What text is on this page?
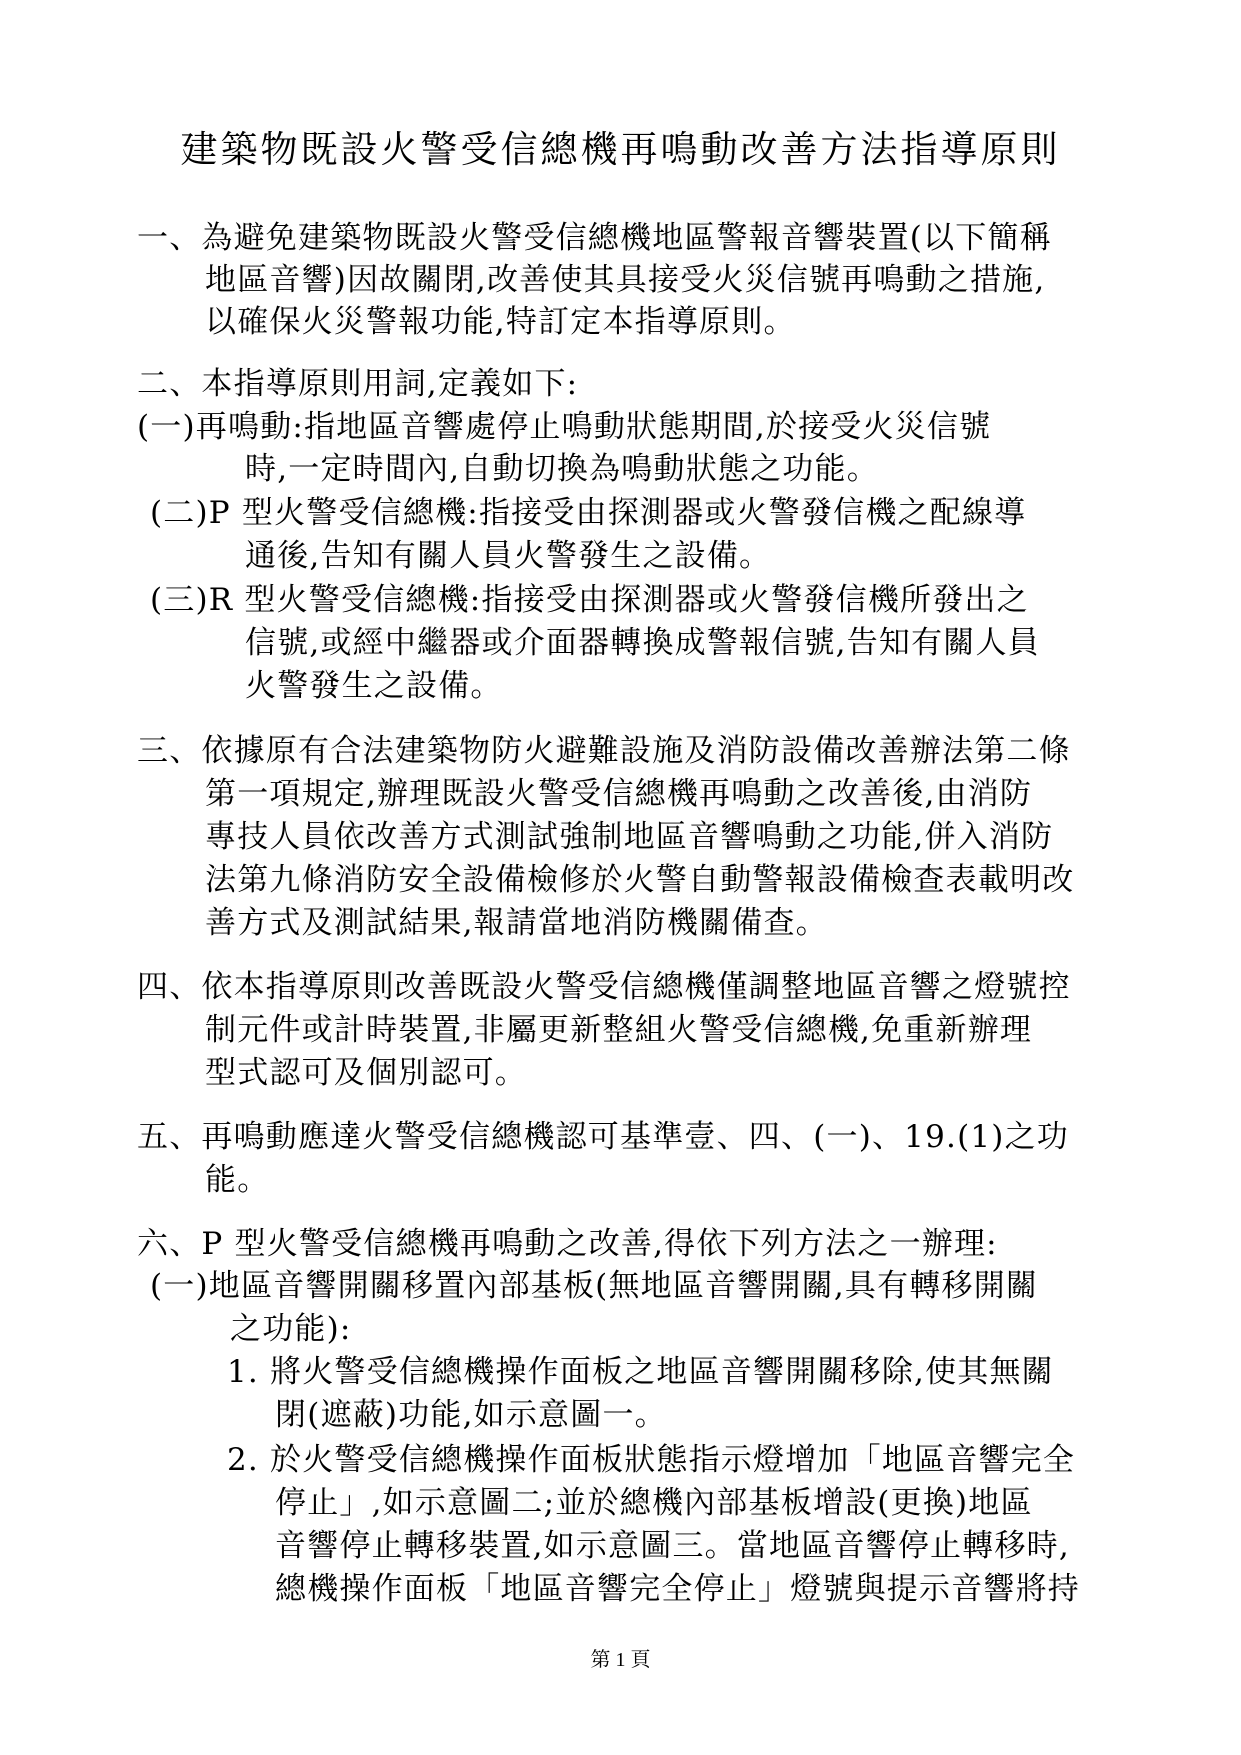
建築物既設火警受信總機再鳴動改善方法指導原則
一、為避免建築物既設火警受信總機地區警報音響裝置(以下簡稱
地區音響)因故關閉,改善使其具接受火災信號再鳴動之措施,
以確保火災警報功能,特訂定本指導原則。
二、本指導原則用詞,定義如下:
(一)再鳴動:指地區音響處停止鳴動狀態期間,於接受火災信號
時,一定時間內,自動切換為鳴動狀態之功能。
(二)P 型火警受信總機:指接受由探測器或火警發信機之配線導
通後,告知有關人員火警發生之設備。
(三)R 型火警受信總機:指接受由探測器或火警發信機所發出之
信號,或經中繼器或介面器轉換成警報信號,告知有關人員
火警發生之設備。
三、依據原有合法建築物防火避難設施及消防設備改善辦法第二條
第一項規定,辦理既設火警受信總機再鳴動之改善後,由消防
專技人員依改善方式測試強制地區音響鳴動之功能,併入消防
法第九條消防安全設備檢修於火警自動警報設備檢查表載明改
善方式及測試結果,報請當地消防機關備查。
四、依本指導原則改善既設火警受信總機僅調整地區音響之燈號控
制元件或計時裝置,非屬更新整組火警受信總機,免重新辦理
型式認可及個別認可。
五、再鳴動應達火警受信總機認可基準壹、四、(一)、19.(1)之功
能。
六、P 型火警受信總機再鳴動之改善,得依下列方法之一辦理:
(一)地區音響開關移置內部基板(無地區音響開關,具有轉移開關
之功能):
1. 將火警受信總機操作面板之地區音響開關移除,使其無關
閉(遮蔽)功能,如示意圖一。
2. 於火警受信總機操作面板狀態指示燈增加「地區音響完全
停止」,如示意圖二;並於總機內部基板增設(更換)地區
音響停止轉移裝置,如示意圖三。當地區音響停止轉移時,
總機操作面板「地區音響完全停止」燈號與提示音響將持
第 1 頁
